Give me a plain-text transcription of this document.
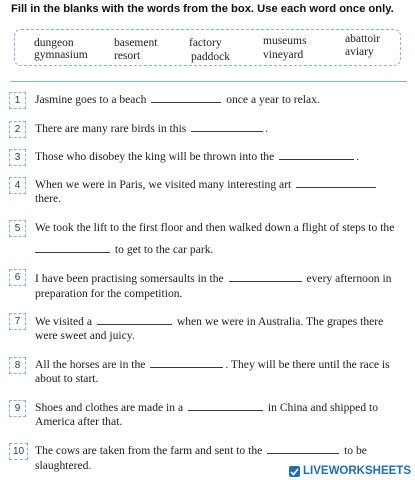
Fill in the blanks with the words from the box. Use each word once only.
dungeon	basement	factory	museums	abattoir
gymnasium resort	paddock	vineyard	aviary
1	Jasmine goes to a beach	once a year to relax.
2	There are many rare birds in this	.
3	Those who disobey the king will be thrown into the	.
4	When we were in Paris, we visited many interesting art
there.
5	We took the lift to the first floor and then walked down a flight of steps to the
to get to the car park.
6	I have been practising somersaults in the	every afternoon in
preparation for the competition.
7	We visited a	when we were in Australia. The grapes there
were sweet and juicy.
8	All the horses are in the	. They will be there until the race is
about to start.
9	Shoes and clothes are made in a	in China and shipped to
America after that.
10 The cows are taken from the farm and sent to the	to be
slaughtered.	LIVEWORKSHEETS
